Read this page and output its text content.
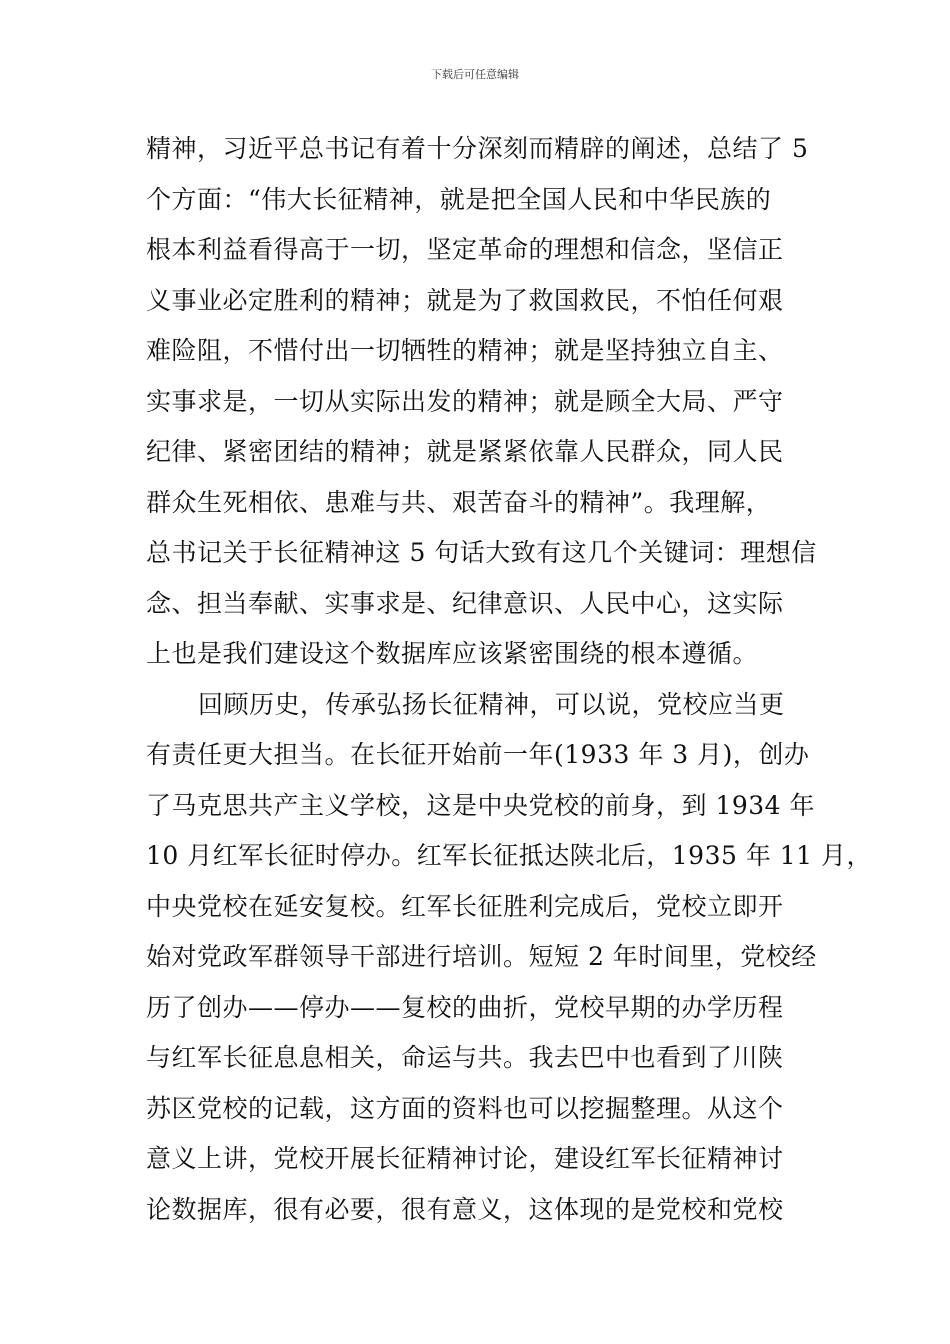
下载后可任意编辑
精神，习近平总书记有着十分深刻而精辟的阐述，总结了 5
个方面：“伟大长征精神，就是把全国人民和中华民族的
根本利益看得高于一切，坚定革命的理想和信念，坚信正
义事业必定胜利的精神；就是为了救国救民，不怕任何艰
难险阻，不惜付出一切牺牲的精神；就是坚持独立自主、
实事求是，一切从实际出发的精神；就是顾全大局、严守
纪律、紧密团结的精神；就是紧紧依靠人民群众，同人民
群众生死相依、患难与共、艰苦奋斗的精神”。我理解，
总书记关于长征精神这 5 句话大致有这几个关键词：理想信
念、担当奉献、实事求是、纪律意识、人民中心，这实际
上也是我们建设这个数据库应该紧密围绕的根本遵循。
回顾历史，传承弘扬长征精神，可以说，党校应当更
有责任更大担当。在长征开始前一年(1933 年 3 月)，创办
了马克思共产主义学校，这是中央党校的前身，到 1934 年
10 月红军长征时停办。红军长征抵达陕北后，1935 年 11 月，
中央党校在延安复校。红军长征胜利完成后，党校立即开
始对党政军群领导干部进行培训。短短 2 年时间里，党校经
历了创办——停办——复校的曲折，党校早期的办学历程
与红军长征息息相关，命运与共。我去巴中也看到了川陕
苏区党校的记载，这方面的资料也可以挖掘整理。从这个
意义上讲，党校开展长征精神讨论，建设红军长征精神讨
论数据库，很有必要，很有意义，这体现的是党校和党校
